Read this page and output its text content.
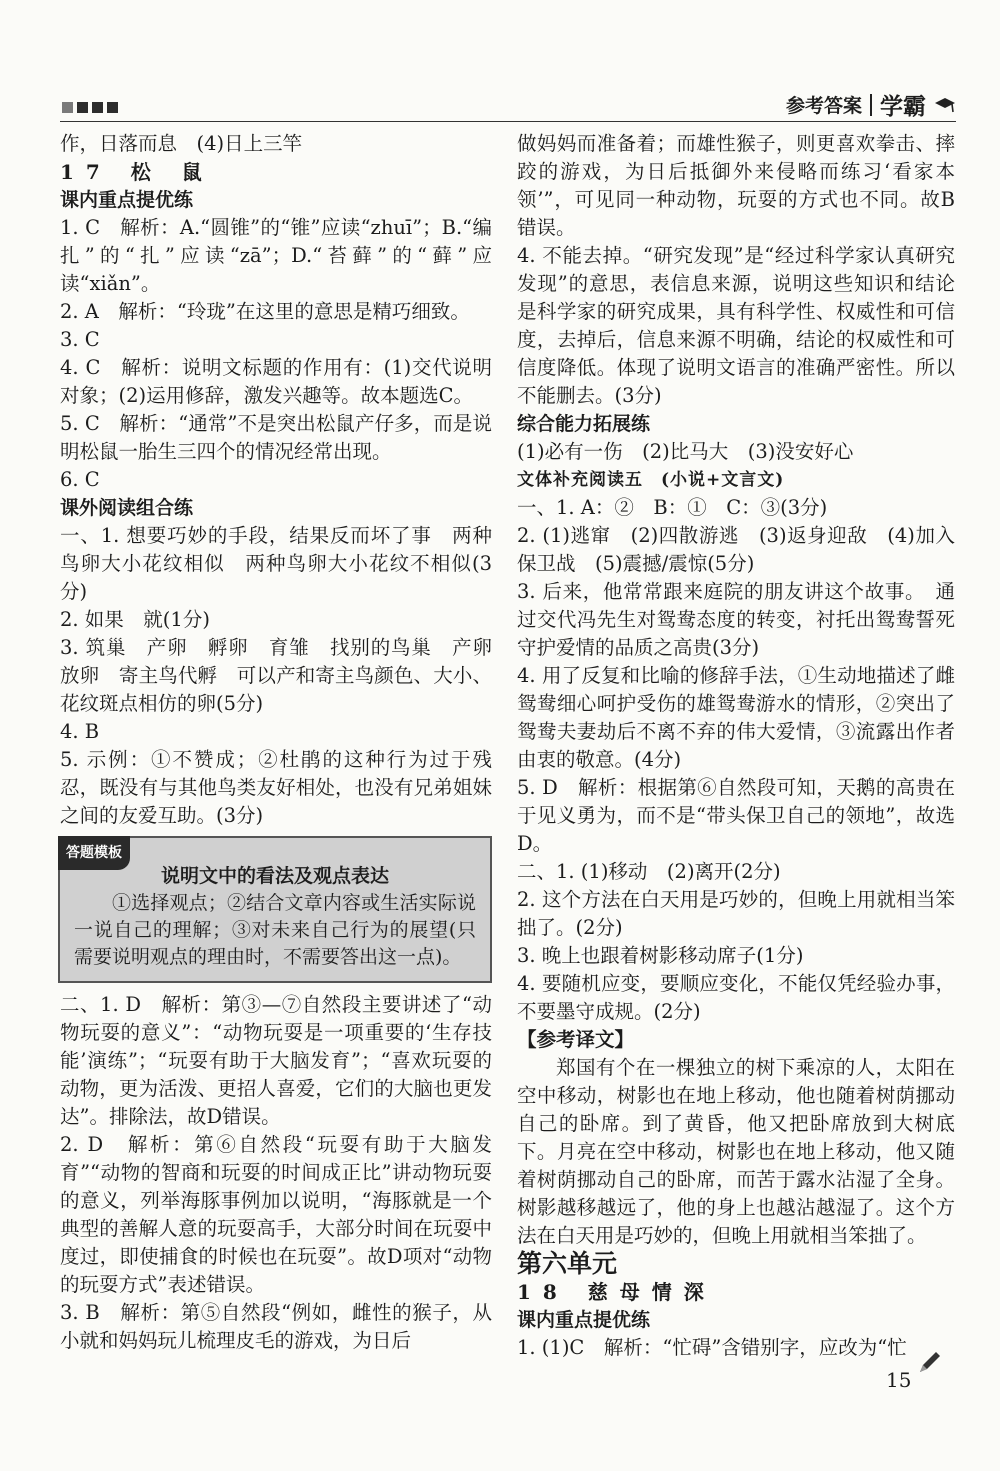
参考答案 学霸

作，日落而息　(4)日上三竿

17 松 鼠

课内重点提优练

1. C　解析：A.“圆锥”的“锥”应读“zhuī”；B.“编扎”的“扎”应读“zā”；D.“苔藓”的“藓”应读“xiǎn”。

2. A　解析：“玲珑”在这里的意思是精巧细致。

3. C

4. C　解析：说明文标题的作用有：(1)交代说明对象；(2)运用修辞，激发兴趣等。故本题选C。

5. C　解析：“通常”不是突出松鼠产仔多，而是说明松鼠一胎生三四个的情况经常出现。

6. C

课外阅读组合练

一、1. 想要巧妙的手段，结果反而坏了事　两种鸟卵大小花纹相似　两种鸟卵大小花纹不相似(3分)

2. 如果　就(1分)

3. 筑巢　产卵　孵卵　育雏　找别的鸟巢　产卵　放卵　寄主鸟代孵　可以产和寄主鸟颜色、大小、花纹斑点相仿的卵(5分)

4. B

5. 示例：①不赞成；②杜鹃的这种行为过于残忍，既没有与其他鸟类友好相处，也没有兄弟姐妹之间的友爱互助。(3分)

答题模板
说明文中的看法及观点表达
①选择观点；②结合文章内容或生活实际说一说自己的理解；③对未来自己行为的展望(只需要说明观点的理由时，不需要答出这一点)。

二、1. D　解析：第③—⑦自然段主要讲述了“动物玩耍的意义”：“动物玩耍是一项重要的‘生存技能’演练”；“玩耍有助于大脑发育”；“喜欢玩耍的动物，更为活泼、更招人喜爱，它们的大脑也更发达”。排除法，故D错误。

2. D　解析：第⑥自然段“玩耍有助于大脑发育”“动物的智商和玩耍的时间成正比”讲动物玩耍的意义，列举海豚事例加以说明，“海豚就是一个典型的善解人意的玩耍高手，大部分时间在玩耍中度过，即使捕食的时候也在玩耍”。故D项对“动物的玩耍方式”表述错误。

3. B　解析：第⑤自然段“例如，雌性的猴子，从小就和妈妈玩儿梳理皮毛的游戏，为日后

做妈妈而准备着；而雄性猴子，则更喜欢拳击、摔跤的游戏，为日后抵御外来侵略而练习‘看家本领’”，可见同一种动物，玩耍的方式也不同。故B错误。

4. 不能去掉。“研究发现”是“经过科学家认真研究发现”的意思，表信息来源，说明这些知识和结论是科学家的研究成果，具有科学性、权威性和可信度，去掉后，信息来源不明确，结论的权威性和可信度降低。体现了说明文语言的准确严密性。所以不能删去。(3分)

综合能力拓展练

(1)必有一伤　(2)比马大　(3)没安好心

文体补充阅读五　(小说+文言文)

一、1. A：②　B：①　C：③(3分)

2. (1)逃窜　(2)四散游逃　(3)返身迎敌　(4)加入保卫战　(5)震撼/震惊(5分)

3. 后来，他常常跟来庭院的朋友讲这个故事。　通过交代冯先生对鸳鸯态度的转变，衬托出鸳鸯誓死守护爱情的品质之高贵(3分)

4. 用了反复和比喻的修辞手法，①生动地描述了雌鸳鸯细心呵护受伤的雄鸳鸯游水的情形，②突出了鸳鸯夫妻劫后不离不弃的伟大爱情，③流露出作者由衷的敬意。(4分)

5. D　解析：根据第⑥自然段可知，天鹅的高贵在于见义勇为，而不是“带头保卫自己的领地”，故选D。

二、1. (1)移动　(2)离开(2分)

2. 这个方法在白天用是巧妙的，但晚上用就相当笨拙了。(2分)

3. 晚上也跟着树影移动席子(1分)

4. 要随机应变，要顺应变化，不能仅凭经验办事，不要墨守成规。(2分)

【参考译文】

郑国有个在一棵独立的树下乘凉的人，太阳在空中移动，树影也在地上移动，他也随着树荫挪动自己的卧席。到了黄昏，他又把卧席放到大树底下。月亮在空中移动，树影也在地上移动，他又随着树荫挪动自己的卧席，而苦于露水沾湿了全身。树影越移越远了，他的身上也越沾越湿了。这个方法在白天用是巧妙的，但晚上用就相当笨拙了。

第六单元

18 慈母情深

课内重点提优练

1. (1)C　解析：“忙碍”含错别字，应改为“忙

15
